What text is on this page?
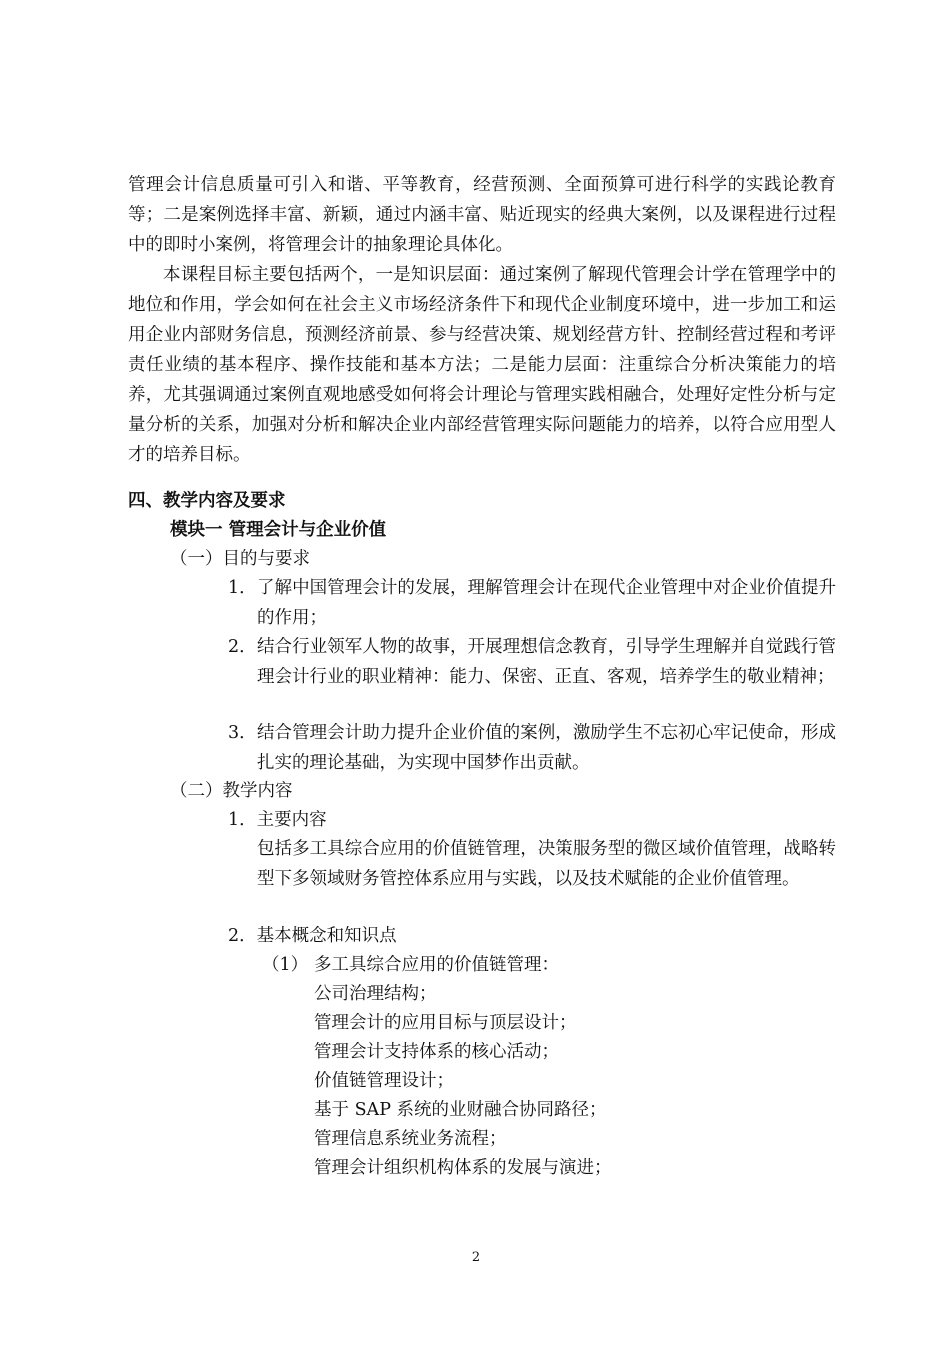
管理会计信息质量可引入和谐、平等教育，经营预测、全面预算可进行科学的实践论教育等；二是案例选择丰富、新颖，通过内涵丰富、贴近现实的经典大案例，以及课程进行过程中的即时小案例，将管理会计的抽象理论具体化。

本课程目标主要包括两个，一是知识层面：通过案例了解现代管理会计学在管理学中的地位和作用，学会如何在社会主义市场经济条件下和现代企业制度环境中，进一步加工和运用企业内部财务信息，预测经济前景、参与经营决策、规划经营方针、控制经营过程和考评责任业绩的基本程序、操作技能和基本方法；二是能力层面：注重综合分析决策能力的培养，尤其强调通过案例直观地感受如何将会计理论与管理实践相融合，处理好定性分析与定量分析的关系，加强对分析和解决企业内部经营管理实际问题能力的培养，以符合应用型人才的培养目标。

四、教学内容及要求
模块一 管理会计与企业价值
（一）目的与要求
1． 了解中国管理会计的发展，理解管理会计在现代企业管理中对企业价值提升的作用；
2． 结合行业领军人物的故事，开展理想信念教育，引导学生理解并自觉践行管理会计行业的职业精神：能力、保密、正直、客观，培养学生的敬业精神；
3． 结合管理会计助力提升企业价值的案例，激励学生不忘初心牢记使命，形成扎实的理论基础，为实现中国梦作出贡献。
（二）教学内容
1．主要内容
包括多工具综合应用的价值链管理，决策服务型的微区域价值管理，战略转型下多领域财务管控体系应用与实践，以及技术赋能的企业价值管理。
2．基本概念和知识点
（1） 多工具综合应用的价值链管理：
公司治理结构；
管理会计的应用目标与顶层设计；
管理会计支持体系的核心活动；
价值链管理设计；
基于 SAP 系统的业财融合协同路径；
管理信息系统业务流程；
管理会计组织机构体系的发展与演进；
2
